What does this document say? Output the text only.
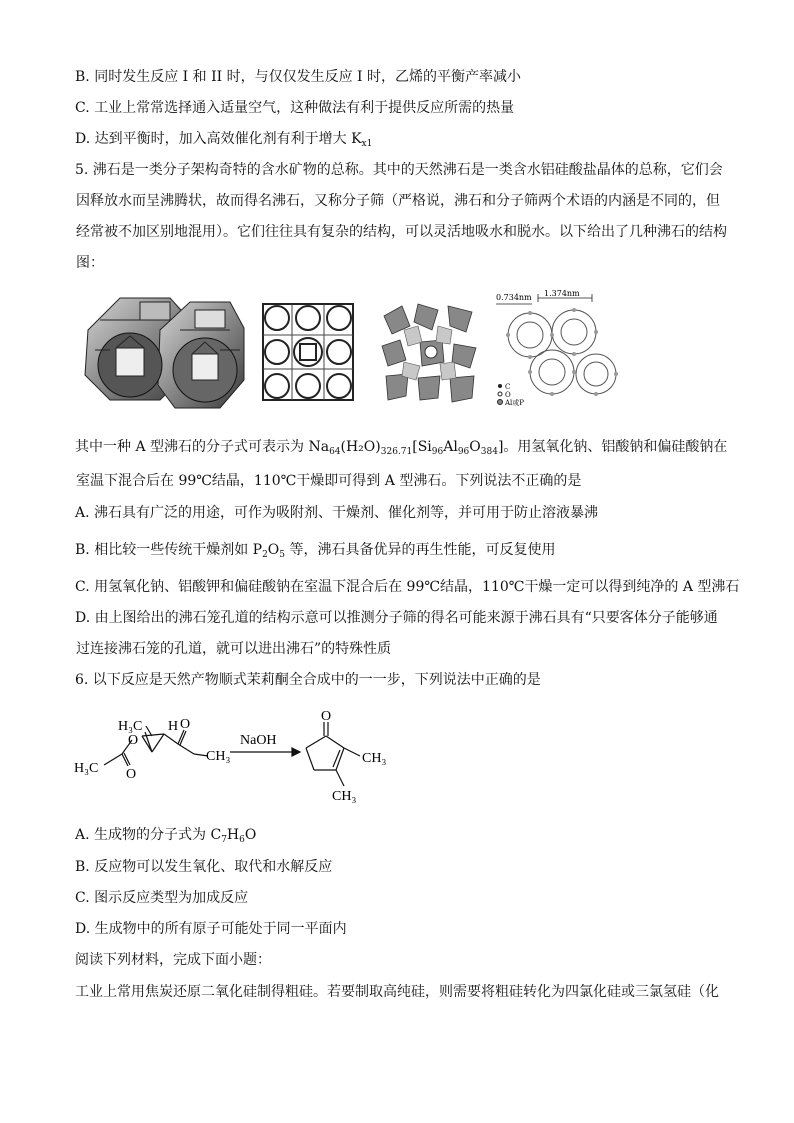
B. 同时发生反应 I 和 II 时，与仅仅发生反应 I 时，乙烯的平衡产率减小
C. 工业上常常选择通入适量空气，这种做法有利于提供反应所需的热量
D. 达到平衡时，加入高效催化剂有利于增大 $K_{x1}$
5. 沸石是一类分子架构奇特的含水矿物的总称。其中的天然沸石是一类含水铝硅酸盐晶体的总称，它们会
因释放水而呈沸腾状，故而得名沸石，又称分子筛（严格说，沸石和分子筛两个术语的内涵是不同的，但
经常被不加区别地混用）。它们往往具有复杂的结构，可以灵活地吸水和脱水。以下给出了几种沸石的结构
图：
0.734nm 1.374nm
C
O
Al或P
其中一种 A 型沸石的分子式可表示为 $Na_{64}(H_2O)_{326.71}[Si_{96}Al_{96}O_{384}]$。用氢氧化钠、铝酸钠和偏硅酸钠在
室温下混合后在 99℃结晶，110℃干燥即可得到 A 型沸石。下列说法不正确的是
A. 沸石具有广泛的用途，可作为吸附剂、干燥剂、催化剂等，并可用于防止溶液暴沸
B. 相比较一些传统干燥剂如 $P_2O_5$ 等，沸石具备优异的再生性能，可反复使用
C. 用氢氧化钠、铝酸钾和偏硅酸钠在室温下混合后在 99℃结晶，110℃干燥一定可以得到纯净的 A 型沸石
D. 由上图给出的沸石笼孔道的结构示意可以推测分子筛的得名可能来源于沸石具有“只要客体分子能够通
过连接沸石笼的孔道，就可以进出沸石”的特殊性质
6. 以下反应是天然产物顺式茉莉酮全合成中的一一步，下列说法中正确的是
H₃C H
O
H₃C O
O
CH₃
NaOH
O
CH₃
CH₃
A. 生成物的分子式为 $C_7H_6O$
B. 反应物可以发生氧化、取代和水解反应
C. 图示反应类型为加成反应
D. 生成物中的所有原子可能处于同一平面内
阅读下列材料，完成下面小题：
工业上常用焦炭还原二氧化硅制得粗硅。若要制取高纯硅，则需要将粗硅转化为四氯化硅或三氯氢硅（化
